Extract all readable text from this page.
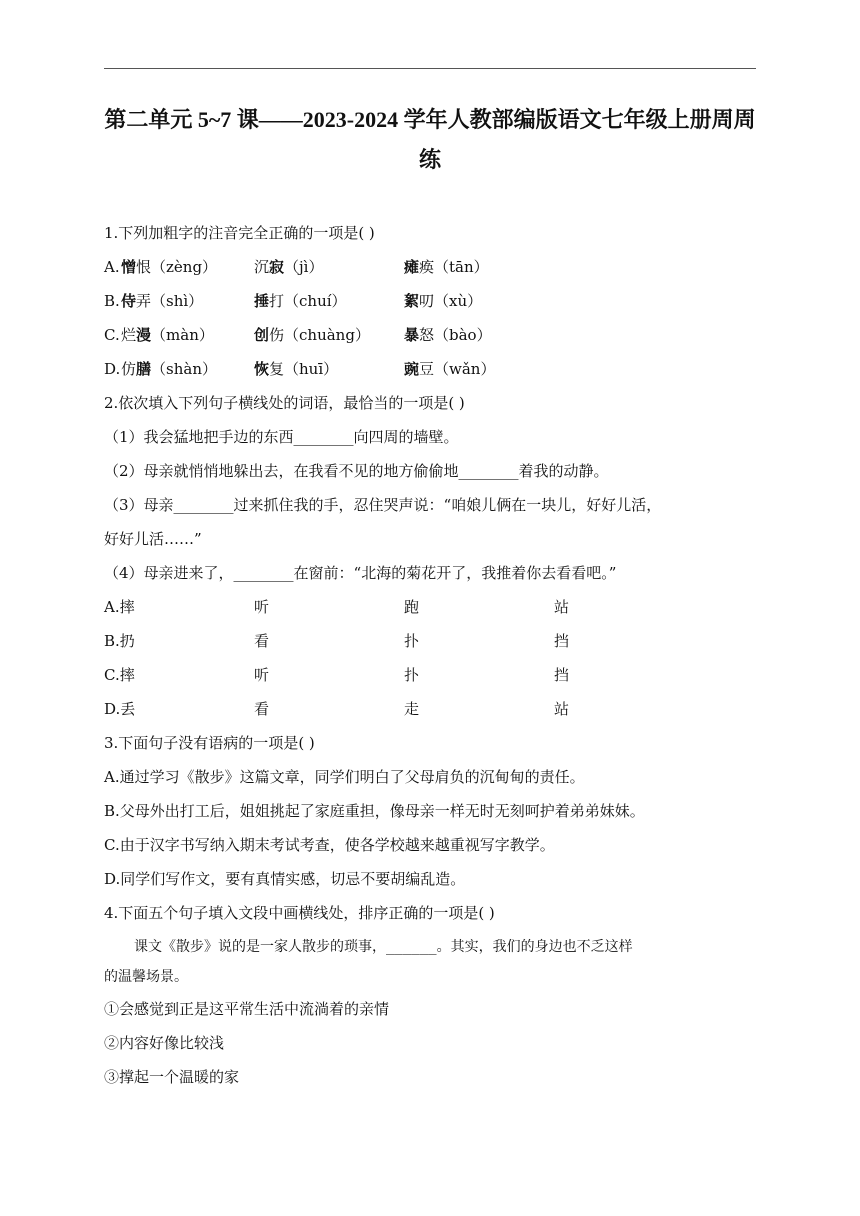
第二单元 5~7 课——2023-2024 学年人教部编版语文七年级上册周周
练
1.下列加粗字的注音完全正确的一项是( )
A. 憎恨（zèng） 沉寂（jì）	瘫痪（tān）
B. 侍弄（shì）	捶打（chuí）	絮叨（xù）
C. 烂漫（màn）	创伤（chuàng） 暴怒（bào）
D. 仿膳（shàn） 恢复（huī）	豌豆（wǎn）
2.依次填入下列句子横线处的词语，最恰当的一项是( )
（1）我会猛地把手边的东西________向四周的墙壁。
（2）母亲就悄悄地躲出去，在我看不见的地方偷偷地________着我的动静。
（3）母亲________过来抓住我的手，忍住哭声说：“咱娘儿俩在一块儿，好好儿活，
好好儿活……”
（4）母亲进来了，________在窗前：“北海的菊花开了，我推着你去看看吧。”
A.摔	听	跑	站
B.扔	看	扑	挡
C.摔	听	扑	挡
D.丢	看	走	站
3.下面句子没有语病的一项是( )
A.通过学习《散步》这篇文章，同学们明白了父母肩负的沉甸甸的责任。
B.父母外出打工后，姐姐挑起了家庭重担，像母亲一样无时无刻呵护着弟弟妹妹。
C.由于汉字书写纳入期末考试考查，使各学校越来越重视写字教学。
D.同学们写作文，要有真情实感，切忌不要胡编乱造。
4.下面五个句子填入文段中画横线处，排序正确的一项是( )
课文《散步》说的是一家人散步的琐事，______。其实，我们的身边也不乏这样
的温馨场景。
①会感觉到正是这平常生活中流淌着的亲情
②内容好像比较浅
③撑起一个温暖的家
